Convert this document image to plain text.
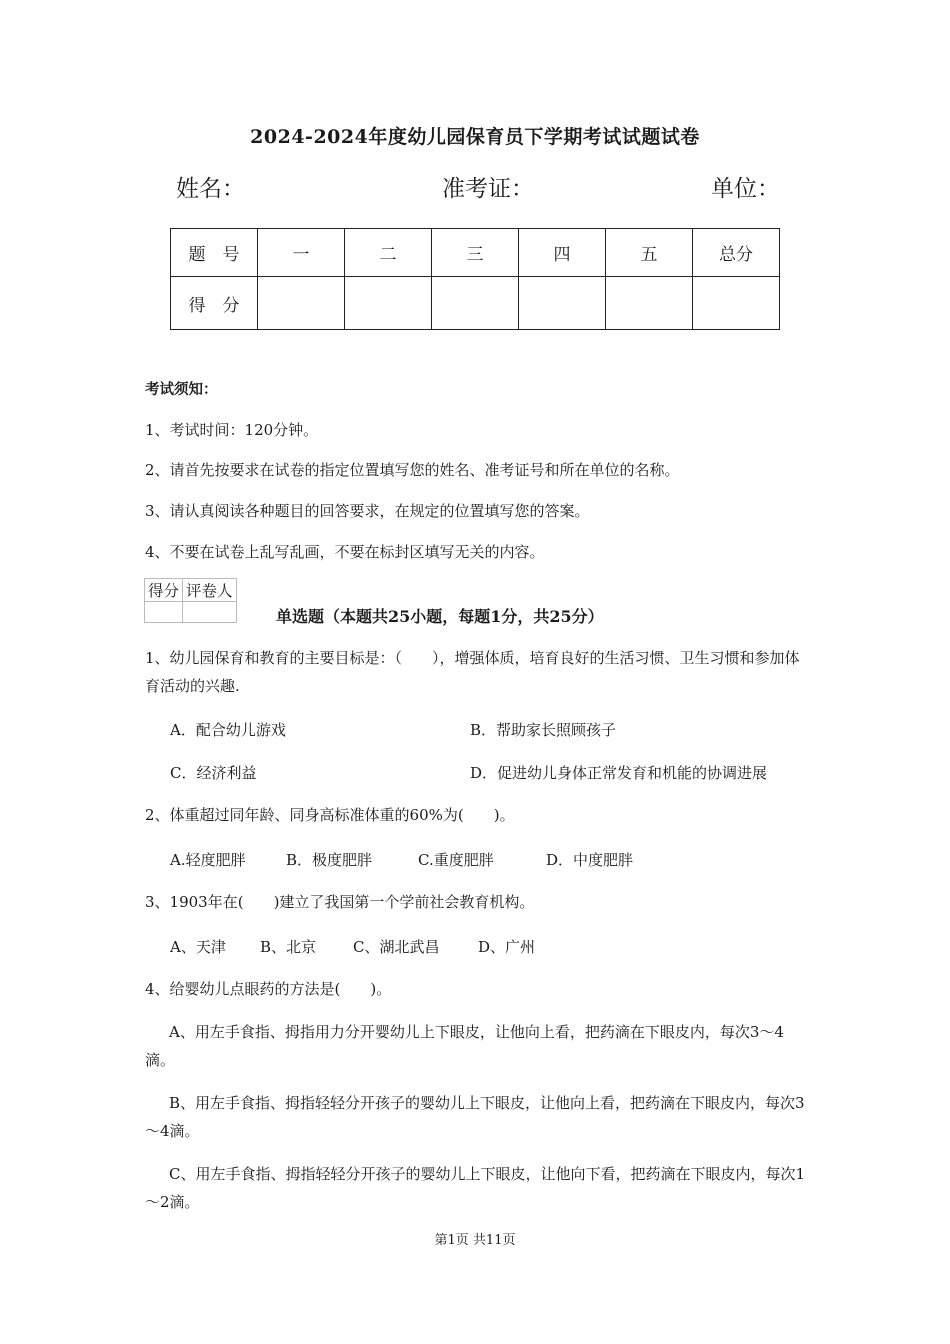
2024-2024年度幼儿园保育员下学期考试试题试卷
姓名：	准考证：	单位：
题　号	一	二	三	四	五	总分
得　分						
考试须知：
1、考试时间：120分钟。
2、请首先按要求在试卷的指定位置填写您的姓名、准考证号和所在单位的名称。
3、请认真阅读各种题目的回答要求，在规定的位置填写您的答案。
4、不要在试卷上乱写乱画，不要在标封区填写无关的内容。
得分	评卷人

单选题（本题共25小题，每题1分，共25分）
1、幼儿园保育和教育的主要目标是：（　　），增强体质，培育良好的生活习惯、卫生习惯和参加体育活动的兴趣.
A．配合幼儿游戏	B．帮助家长照顾孩子
C．经济利益	D．促进幼儿身体正常发育和机能的协调进展
2、体重超过同年龄、同身高标准体重的60%为(　　)。
A.轻度肥胖	B．极度肥胖	C.重度肥胖	D．中度肥胖
3、1903年在(　　)建立了我国第一个学前社会教育机构。
A、天津 B、北京 C、湖北武昌	D、广州
4、给婴幼儿点眼药的方法是(　　)。
A、用左手食指、拇指用力分开婴幼儿上下眼皮，让他向上看，把药滴在下眼皮内，每次3～4滴。
B、用左手食指、拇指轻轻分开孩子的婴幼儿上下眼皮，让他向上看，把药滴在下眼皮内，每次3～4滴。
C、用左手食指、拇指轻轻分开孩子的婴幼儿上下眼皮，让他向下看，把药滴在下眼皮内，每次1～2滴。
第1页 共11页
